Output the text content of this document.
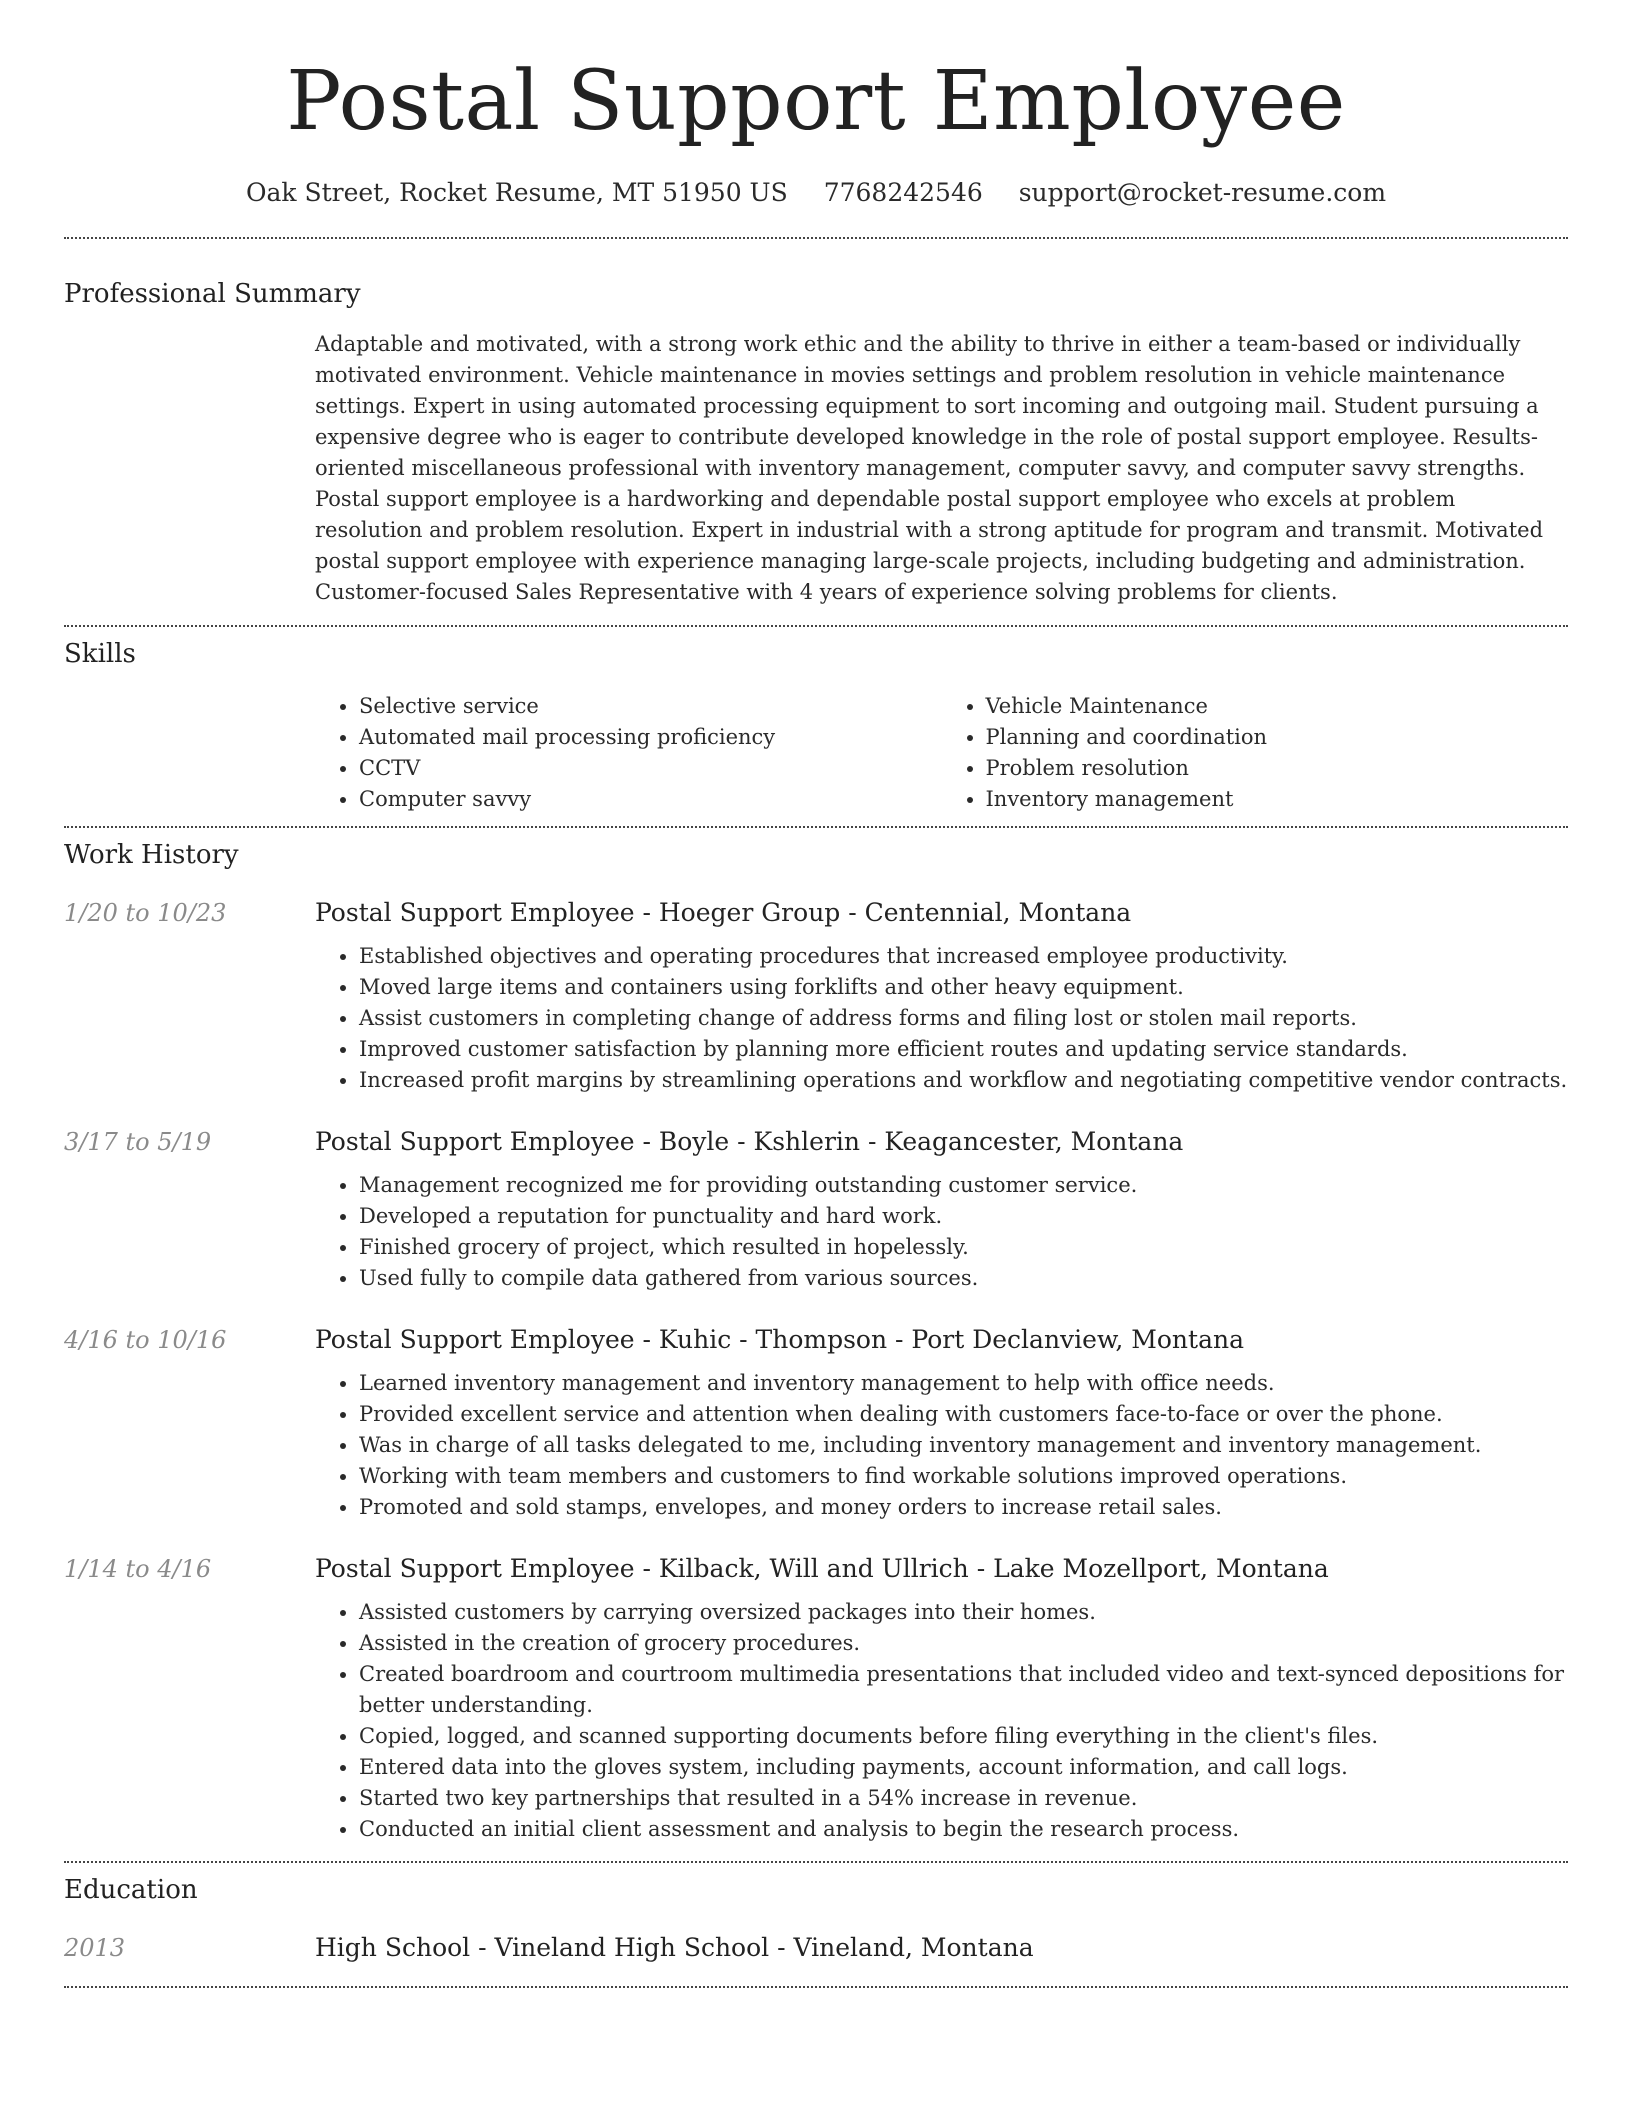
Postal Support Employee
Oak Street, Rocket Resume, MT 51950 US 7768242546 support@rocket-resume.com
Professional Summary

Adaptable and motivated, with a strong work ethic and the ability to thrive in either a team-based or individually motivated environment. Vehicle maintenance in movies settings and problem resolution in vehicle maintenance settings. Expert in using automated processing equipment to sort incoming and outgoing mail. Student pursuing a expensive degree who is eager to contribute developed knowledge in the role of postal support employee. Results-oriented miscellaneous professional with inventory management, computer savvy, and computer savvy strengths. Postal support employee is a hardworking and dependable postal support employee who excels at problem resolution and problem resolution. Expert in industrial with a strong aptitude for program and transmit. Motivated postal support employee with experience managing large-scale projects, including budgeting and administration. Customer-focused Sales Representative with 4 years of experience solving problems for clients.

Skills
• Selective service
• Automated mail processing proficiency
• CCTV
• Computer savvy
• Vehicle Maintenance
• Planning and coordination
• Problem resolution
• Inventory management
Work History
1/20 to 10/23	Postal Support Employee - Hoeger Group - Centennial, Montana
• Established objectives and operating procedures that increased employee productivity.
• Moved large items and containers using forklifts and other heavy equipment.
• Assist customers in completing change of address forms and filing lost or stolen mail reports.
• Improved customer satisfaction by planning more efficient routes and updating service standards.
• Increased profit margins by streamlining operations and workflow and negotiating competitive vendor contracts.
3/17 to 5/19	Postal Support Employee - Boyle - Kshlerin - Keagancester, Montana
• Management recognized me for providing outstanding customer service.
• Developed a reputation for punctuality and hard work.
• Finished grocery of project, which resulted in hopelessly.
• Used fully to compile data gathered from various sources.
4/16 to 10/16	Postal Support Employee - Kuhic - Thompson - Port Declanview, Montana
• Learned inventory management and inventory management to help with office needs.
• Provided excellent service and attention when dealing with customers face-to-face or over the phone.
• Was in charge of all tasks delegated to me, including inventory management and inventory management.
• Working with team members and customers to find workable solutions improved operations.
• Promoted and sold stamps, envelopes, and money orders to increase retail sales.
1/14 to 4/16	Postal Support Employee - Kilback, Will and Ullrich - Lake Mozellport, Montana
• Assisted customers by carrying oversized packages into their homes.
• Assisted in the creation of grocery procedures.
• Created boardroom and courtroom multimedia presentations that included video and text-synced depositions for better understanding.
• Copied, logged, and scanned supporting documents before filing everything in the client's files.
• Entered data into the gloves system, including payments, account information, and call logs.
• Started two key partnerships that resulted in a 54% increase in revenue.
• Conducted an initial client assessment and analysis to begin the research process.
Education
2013	High School - Vineland High School - Vineland, Montana
